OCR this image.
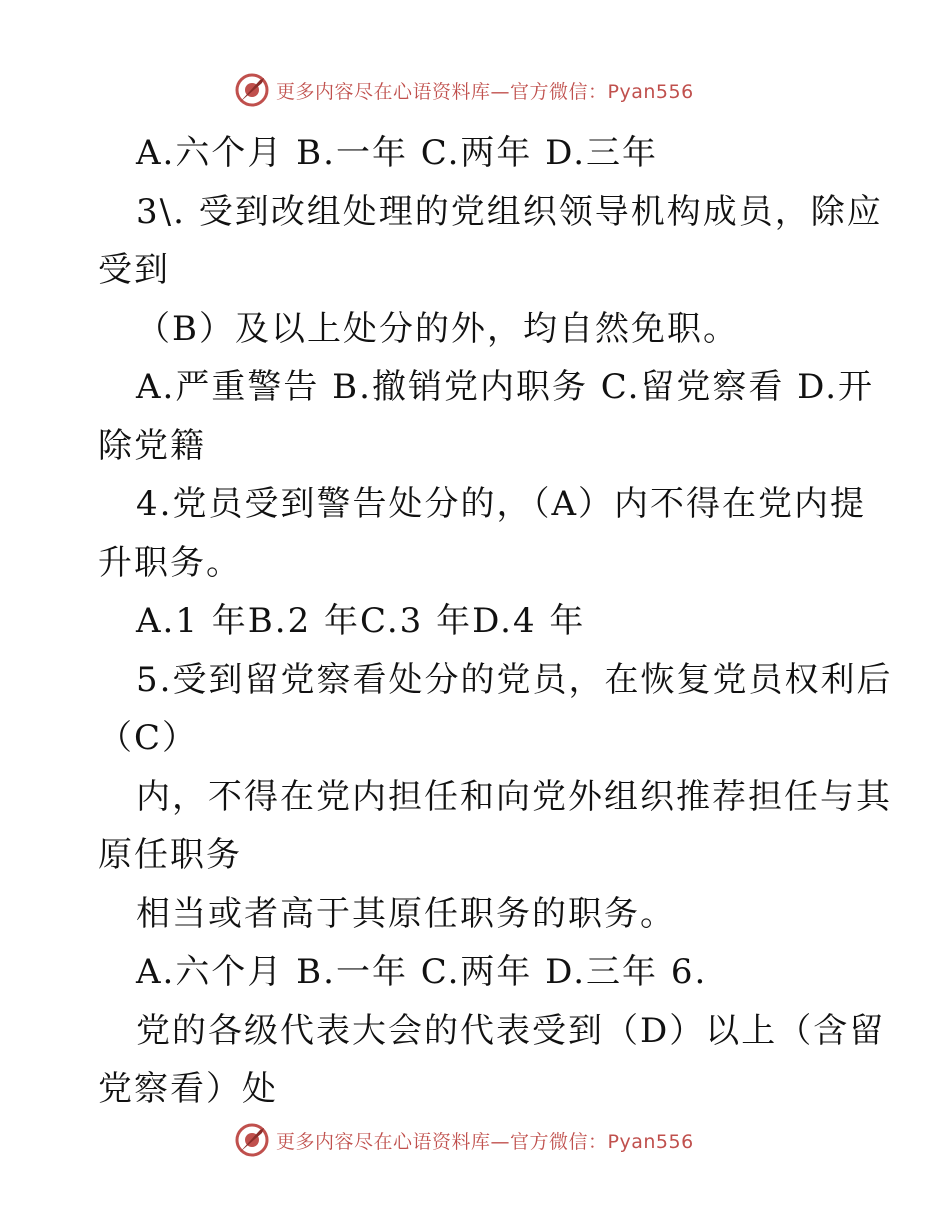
更多内容尽在心语资料库—官方微信：Pyan556
A.六个月 B.一年 C.两年 D.三年
3\. 受到改组处理的党组织领导机构成员，除应
受到
（B）及以上处分的外，均自然免职。
A.严重警告 B.撤销党内职务 C.留党察看 D.开
除党籍
4.党员受到警告处分的，（A）内不得在党内提
升职务。
A.1 年B.2 年C.3 年D.4 年
5.受到留党察看处分的党员，在恢复党员权利后
（C）
内，不得在党内担任和向党外组织推荐担任与其
原任职务
相当或者高于其原任职务的职务。
A.六个月 B.一年 C.两年 D.三年 6.
党的各级代表大会的代表受到（D）以上（含留
党察看）处
更多内容尽在心语资料库—官方微信：Pyan556
